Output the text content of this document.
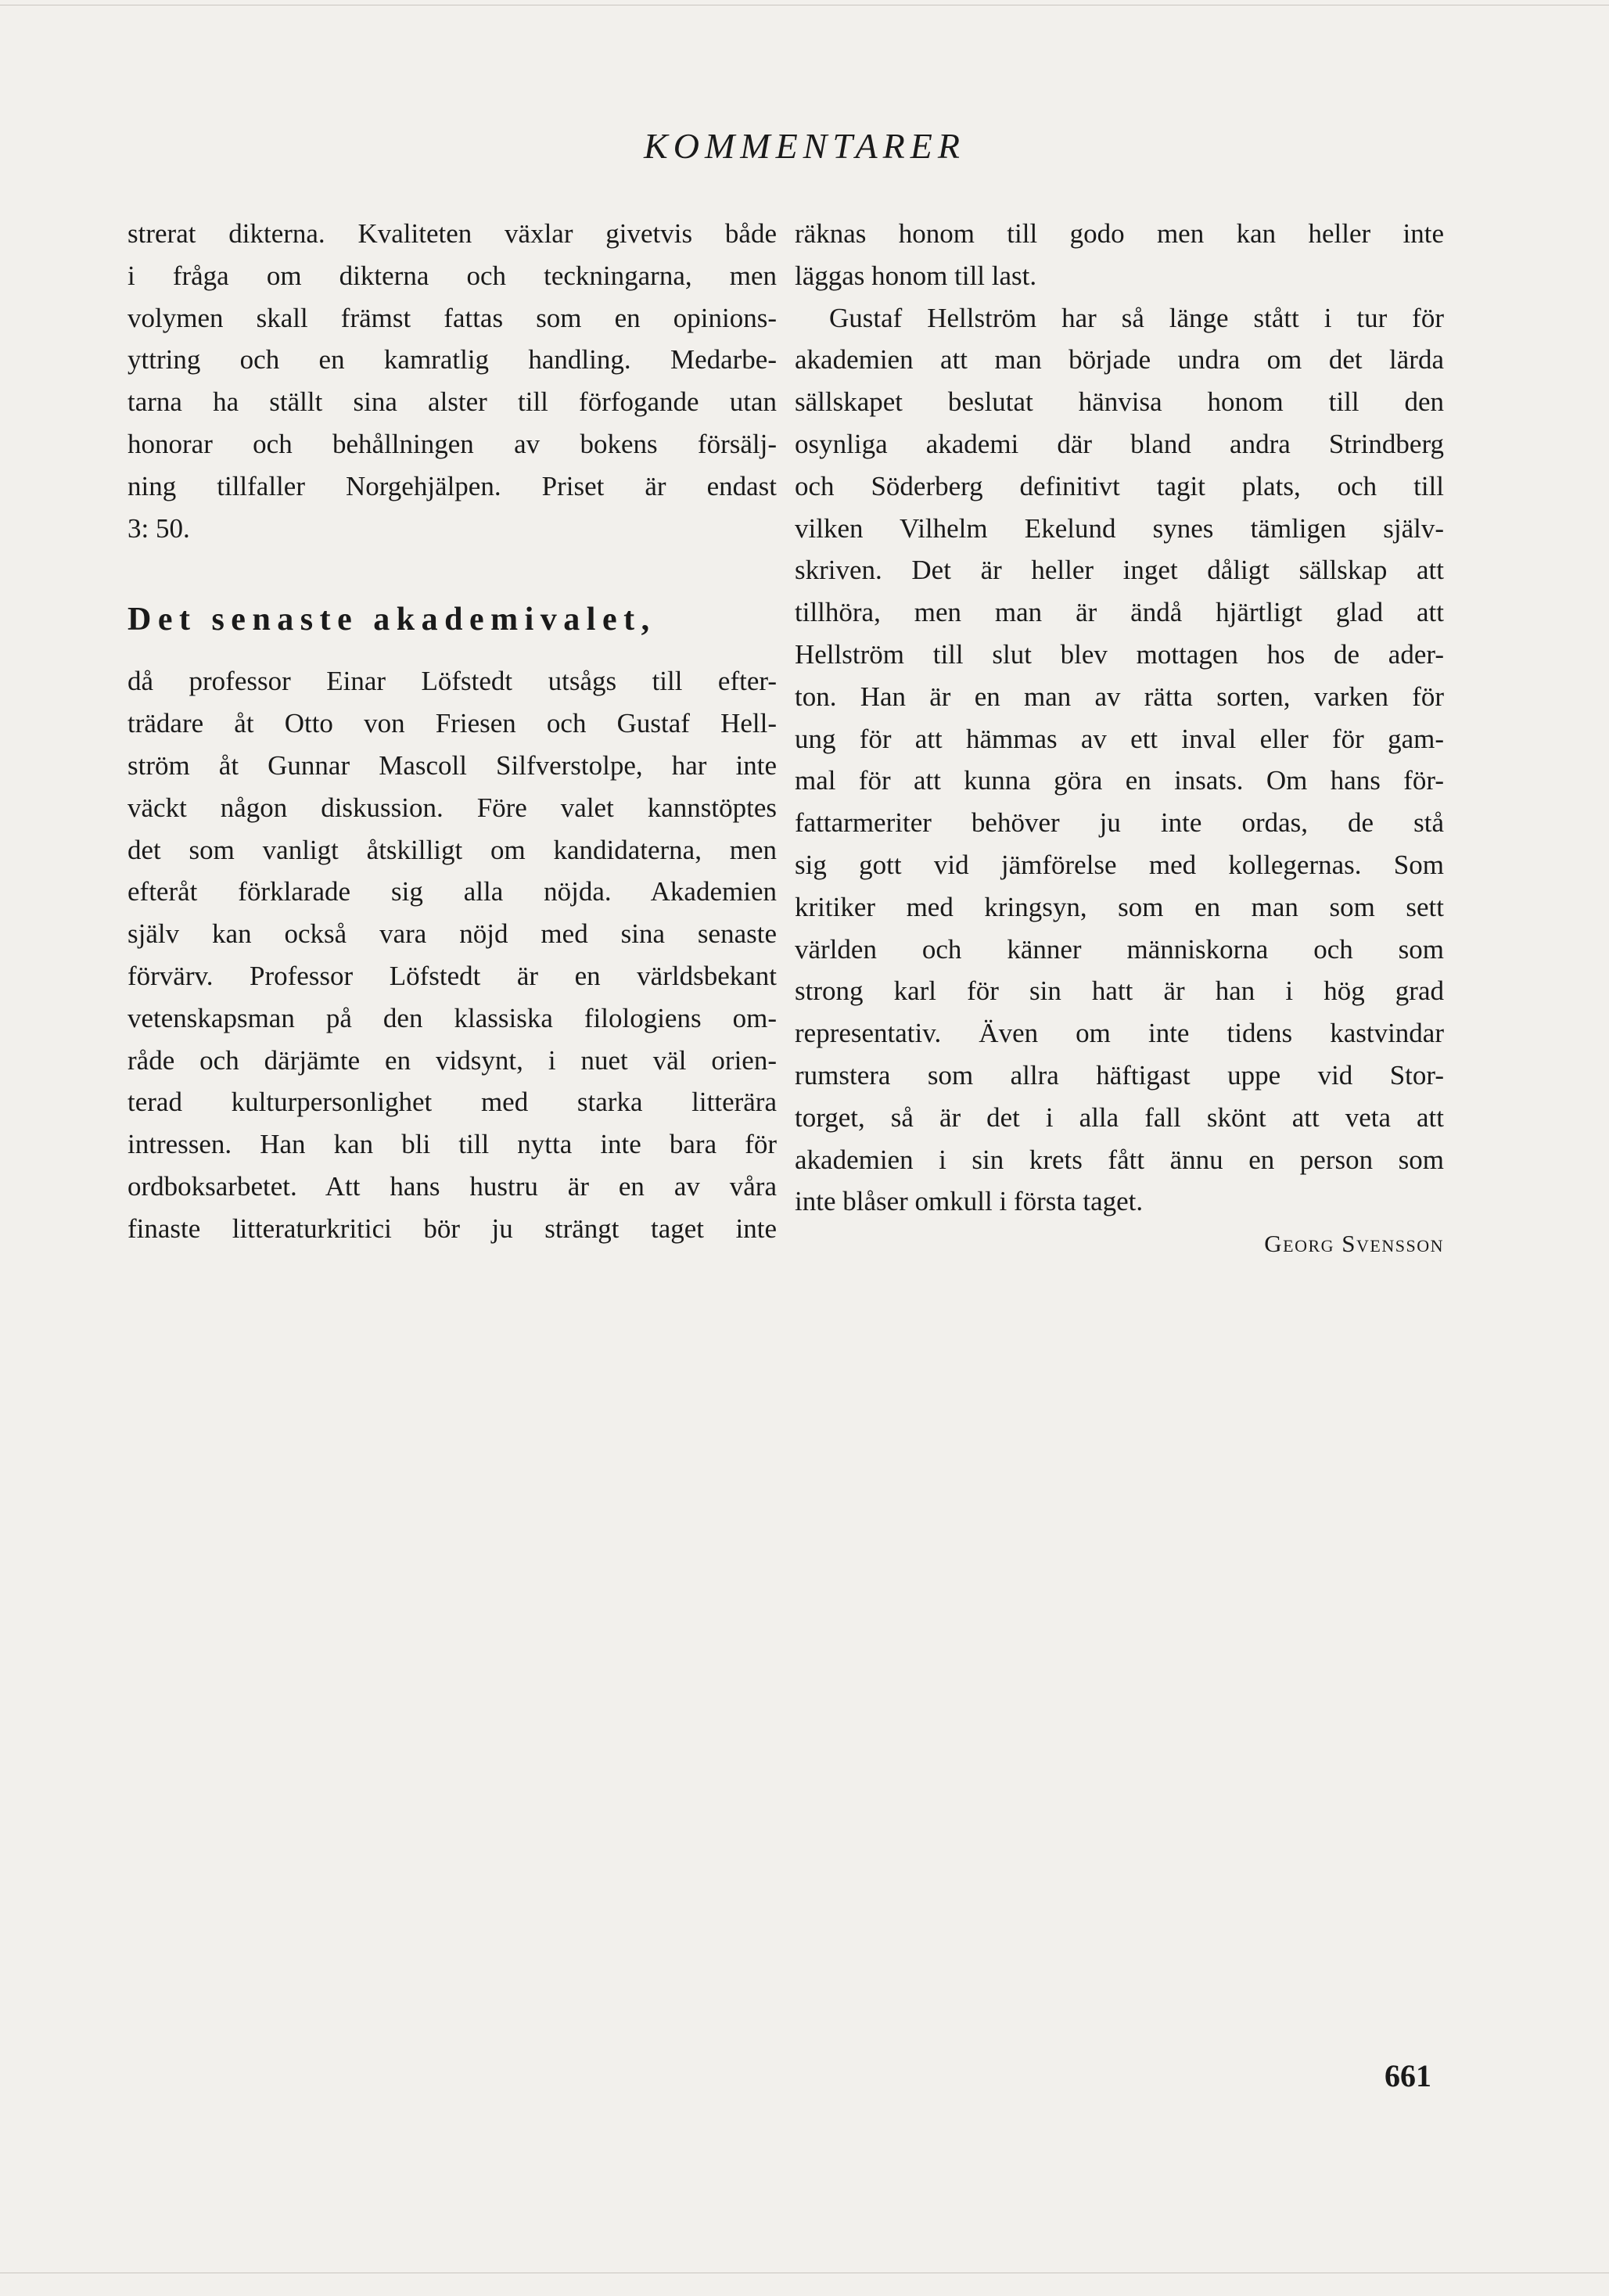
KOMMENTARER
strerat dikterna. Kvaliteten växlar givetvis både
i fråga om dikterna och teckningarna, men
volymen skall främst fattas som en opinions-
yttring och en kamratlig handling. Medarbe-
tarna ha ställt sina alster till förfogande utan
honorar och behållningen av bokens försälj-
ning tillfaller Norgehjälpen. Priset är endast
3: 50.
Det senaste akademivalet,
då professor Einar Löfstedt utsågs till efter-
trädare åt Otto von Friesen och Gustaf Hell-
ström åt Gunnar Mascoll Silfverstolpe, har inte
väckt någon diskussion. Före valet kannstöptes
det som vanligt åtskilligt om kandidaterna, men
efteråt förklarade sig alla nöjda. Akademien
själv kan också vara nöjd med sina senaste
förvärv. Professor Löfstedt är en världsbekant
vetenskapsman på den klassiska filologiens om-
råde och därjämte en vidsynt, i nuet väl orien-
terad kulturpersonlighet med starka litterära
intressen. Han kan bli till nytta inte bara för
ordboksarbetet. Att hans hustru är en av våra
finaste litteraturkritici bör ju strängt taget inte
räknas honom till godo men kan heller inte
läggas honom till last.
Gustaf Hellström har så länge stått i tur för
akademien att man började undra om det lärda
sällskapet beslutat hänvisa honom till den
osynliga akademi där bland andra Strindberg
och Söderberg definitivt tagit plats, och till
vilken Vilhelm Ekelund synes tämligen själv-
skriven. Det är heller inget dåligt sällskap att
tillhöra, men man är ändå hjärtligt glad att
Hellström till slut blev mottagen hos de ader-
ton. Han är en man av rätta sorten, varken för
ung för att hämmas av ett inval eller för gam-
mal för att kunna göra en insats. Om hans för-
fattarmeriter behöver ju inte ordas, de stå
sig gott vid jämförelse med kollegernas. Som
kritiker med kringsyn, som en man som sett
världen och känner människorna och som
strong karl för sin hatt är han i hög grad
representativ. Även om inte tidens kastvindar
rumstera som allra häftigast uppe vid Stor-
torget, så är det i alla fall skönt att veta att
akademien i sin krets fått ännu en person som
inte blåser omkull i första taget.
Georg Svensson
661
